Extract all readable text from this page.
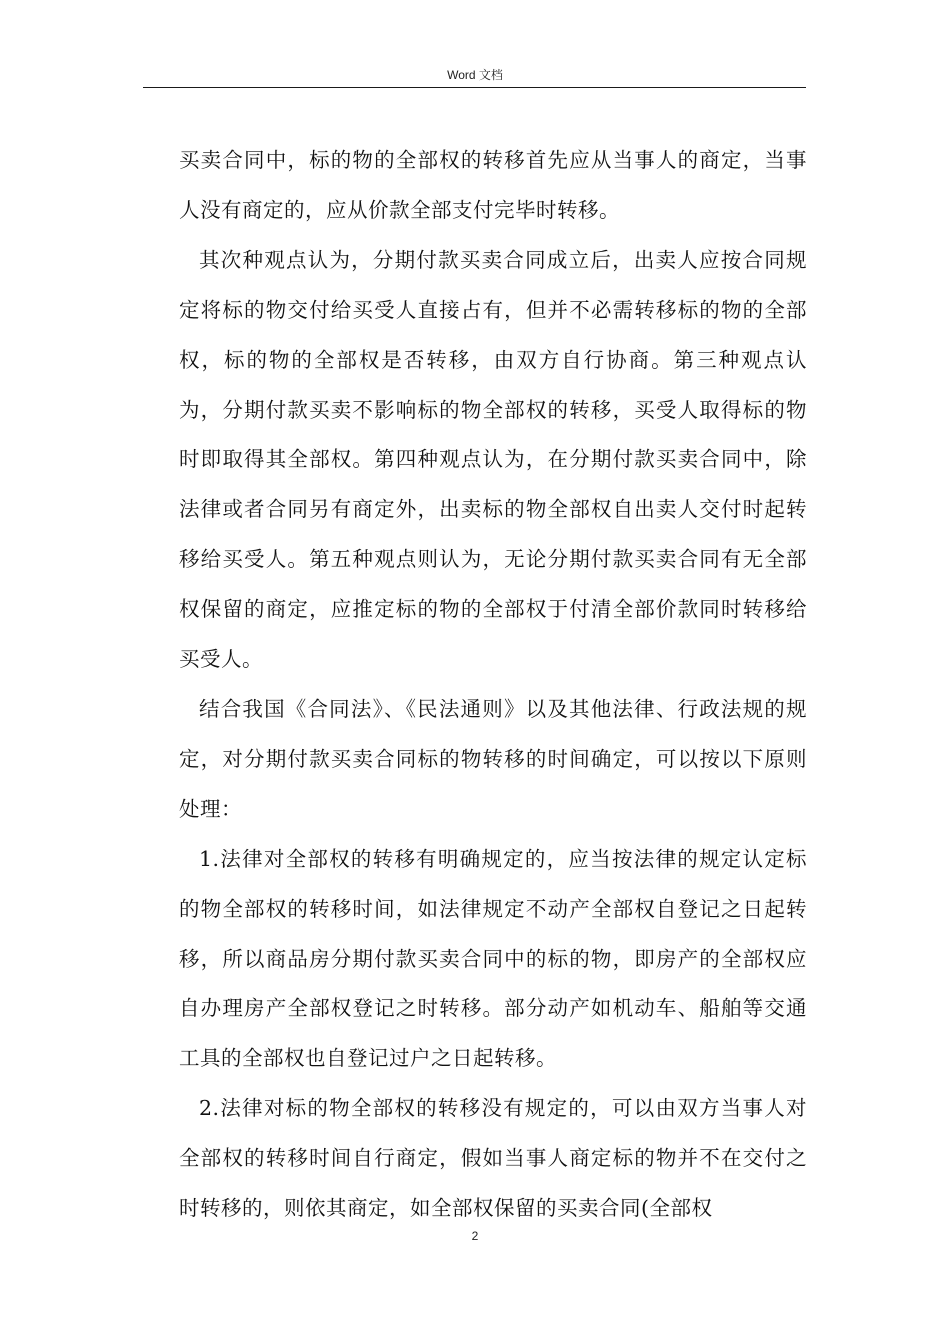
Word 文档

买卖合同中，标的物的全部权的转移首先应从当事人的商定，当事人没有商定的，应从价款全部支付完毕时转移。

其次种观点认为，分期付款买卖合同成立后，出卖人应按合同规定将标的物交付给买受人直接占有，但并不必需转移标的物的全部权，标的物的全部权是否转移，由双方自行协商。第三种观点认为，分期付款买卖不影响标的物全部权的转移，买受人取得标的物时即取得其全部权。第四种观点认为，在分期付款买卖合同中，除法律或者合同另有商定外，出卖标的物全部权自出卖人交付时起转移给买受人。第五种观点则认为，无论分期付款买卖合同有无全部权保留的商定，应推定标的物的全部权于付清全部价款同时转移给买受人。

结合我国《合同法》、《民法通则》以及其他法律、行政法规的规定，对分期付款买卖合同标的物转移的时间确定，可以按以下原则处理：

1.法律对全部权的转移有明确规定的，应当按法律的规定认定标的物全部权的转移时间，如法律规定不动产全部权自登记之日起转移，所以商品房分期付款买卖合同中的标的物，即房产的全部权应自办理房产全部权登记之时转移。部分动产如机动车、船舶等交通工具的全部权也自登记过户之日起转移。

2.法律对标的物全部权的转移没有规定的，可以由双方当事人对全部权的转移时间自行商定，假如当事人商定标的物并不在交付之时转移的，则依其商定，如全部权保留的买卖合同(全部权

2
